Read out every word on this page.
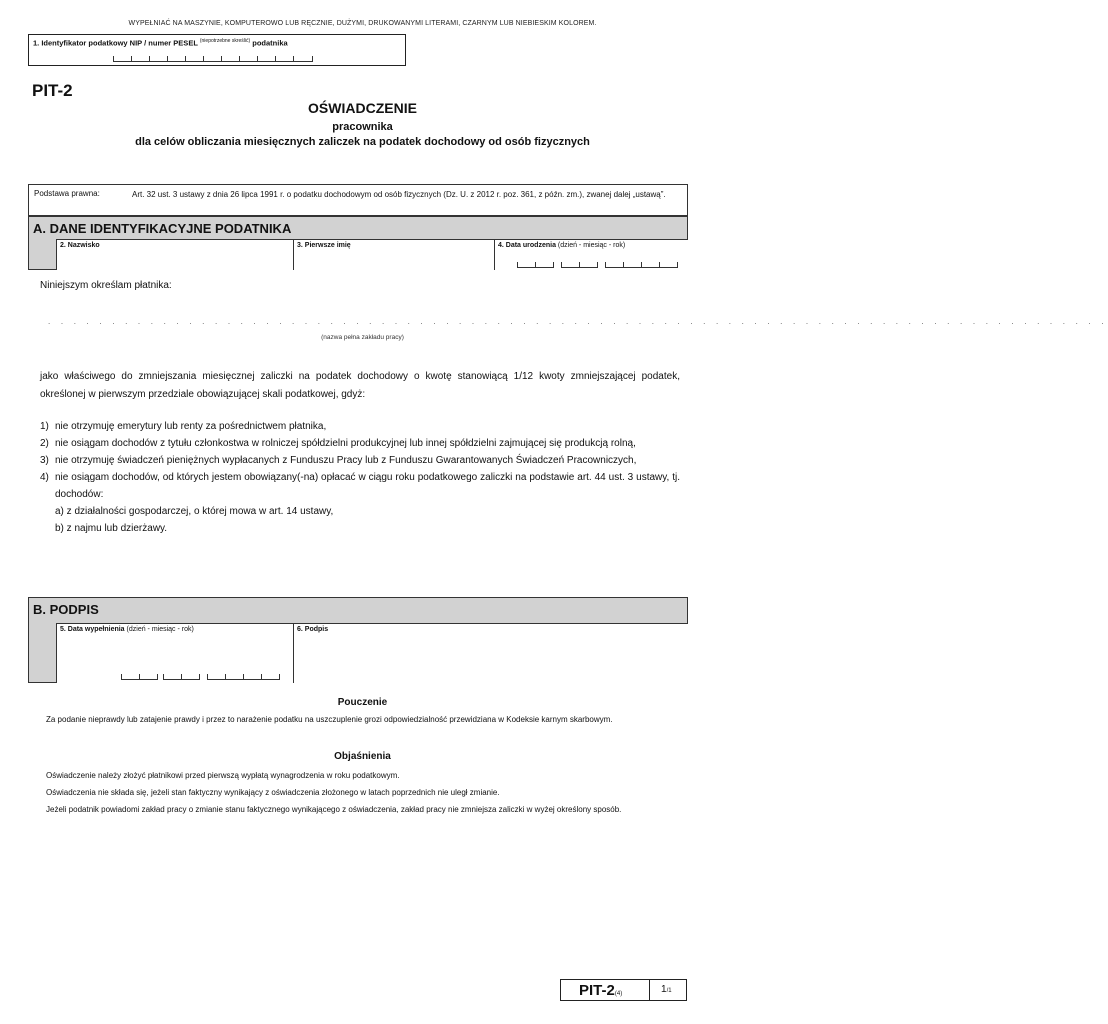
WYPEŁNIAĆ NA MASZYNIE, KOMPUTEROWO LUB RĘCZNIE, DUŻYMI, DRUKOWANYMI LITERAMI, CZARNYM LUB NIEBIESKIM KOLOREM.
1. Identyfikator podatkowy NIP / numer PESEL $^{(niepotrzebne skreślić)}$ podatnika
PIT-2
OŚWIADCZENIE
pracownika
dla celów obliczania miesięcznych zaliczek na podatek dochodowy od osób fizycznych
Podstawa prawna:	Art. 32 ust. 3 ustawy z dnia 26 lipca 1991 r. o podatku dochodowym od osób fizycznych (Dz. U. z 2012 r. poz. 361, z późn. zm.), zwanej dalej „ustawą”.
A. DANE IDENTYFIKACYJNE PODATNIKA
2. Nazwisko	3. Pierwsze imię	4. Data urodzenia (dzień - miesiąc - rok)
Niniejszym określam płatnika:
. . . . . . . . . . . . . . . . . . . . . . . . . . . . . . . . . . . . . . . . . . . . . . . . . . . . . . . . . . . . . . . . . . . . . . . . . . . . . . . . . . .
(nazwa pełna zakładu pracy)
jako właściwego do zmniejszania miesięcznej zaliczki na podatek dochodowy o kwotę stanowiącą 1/12 kwoty zmniejszającej podatek, określonej w pierwszym przedziale obowiązującej skali podatkowej, gdyż:
1) nie otrzymuję emerytury lub renty za pośrednictwem płatnika,
2) nie osiągam dochodów z tytułu członkostwa w rolniczej spółdzielni produkcyjnej lub innej spółdzielni zajmującej się produkcją rolną,
3) nie otrzymuję świadczeń pieniężnych wypłacanych z Funduszu Pracy lub z Funduszu Gwarantowanych Świadczeń Pracowniczych,
4) nie osiągam dochodów, od których jestem obowiązany(-na) opłacać w ciągu roku podatkowego zaliczki na podstawie art. 44 ust. 3 ustawy, tj. dochodów:
a) z działalności gospodarczej, o której mowa w art. 14 ustawy,
b) z najmu lub dzierżawy.
B. PODPIS
5. Data wypełnienia (dzień - miesiąc - rok)	6. Podpis
Pouczenie
Za podanie nieprawdy lub zatajenie prawdy i przez to narażenie podatku na uszczuplenie grozi odpowiedzialność przewidziana w Kodeksie karnym skarbowym.
Objaśnienia
Oświadczenie należy złożyć płatnikowi przed pierwszą wypłatą wynagrodzenia w roku podatkowym.
Oświadczenia nie składa się, jeżeli stan faktyczny wynikający z oświadczenia złożonego w latach poprzednich nie uległ zmianie.
Jeżeli podatnik powiadomi zakład pracy o zmianie stanu faktycznego wynikającego z oświadczenia, zakład pracy nie zmniejsza zaliczki w wyżej określony sposób.
PIT-2(4)	1/1
